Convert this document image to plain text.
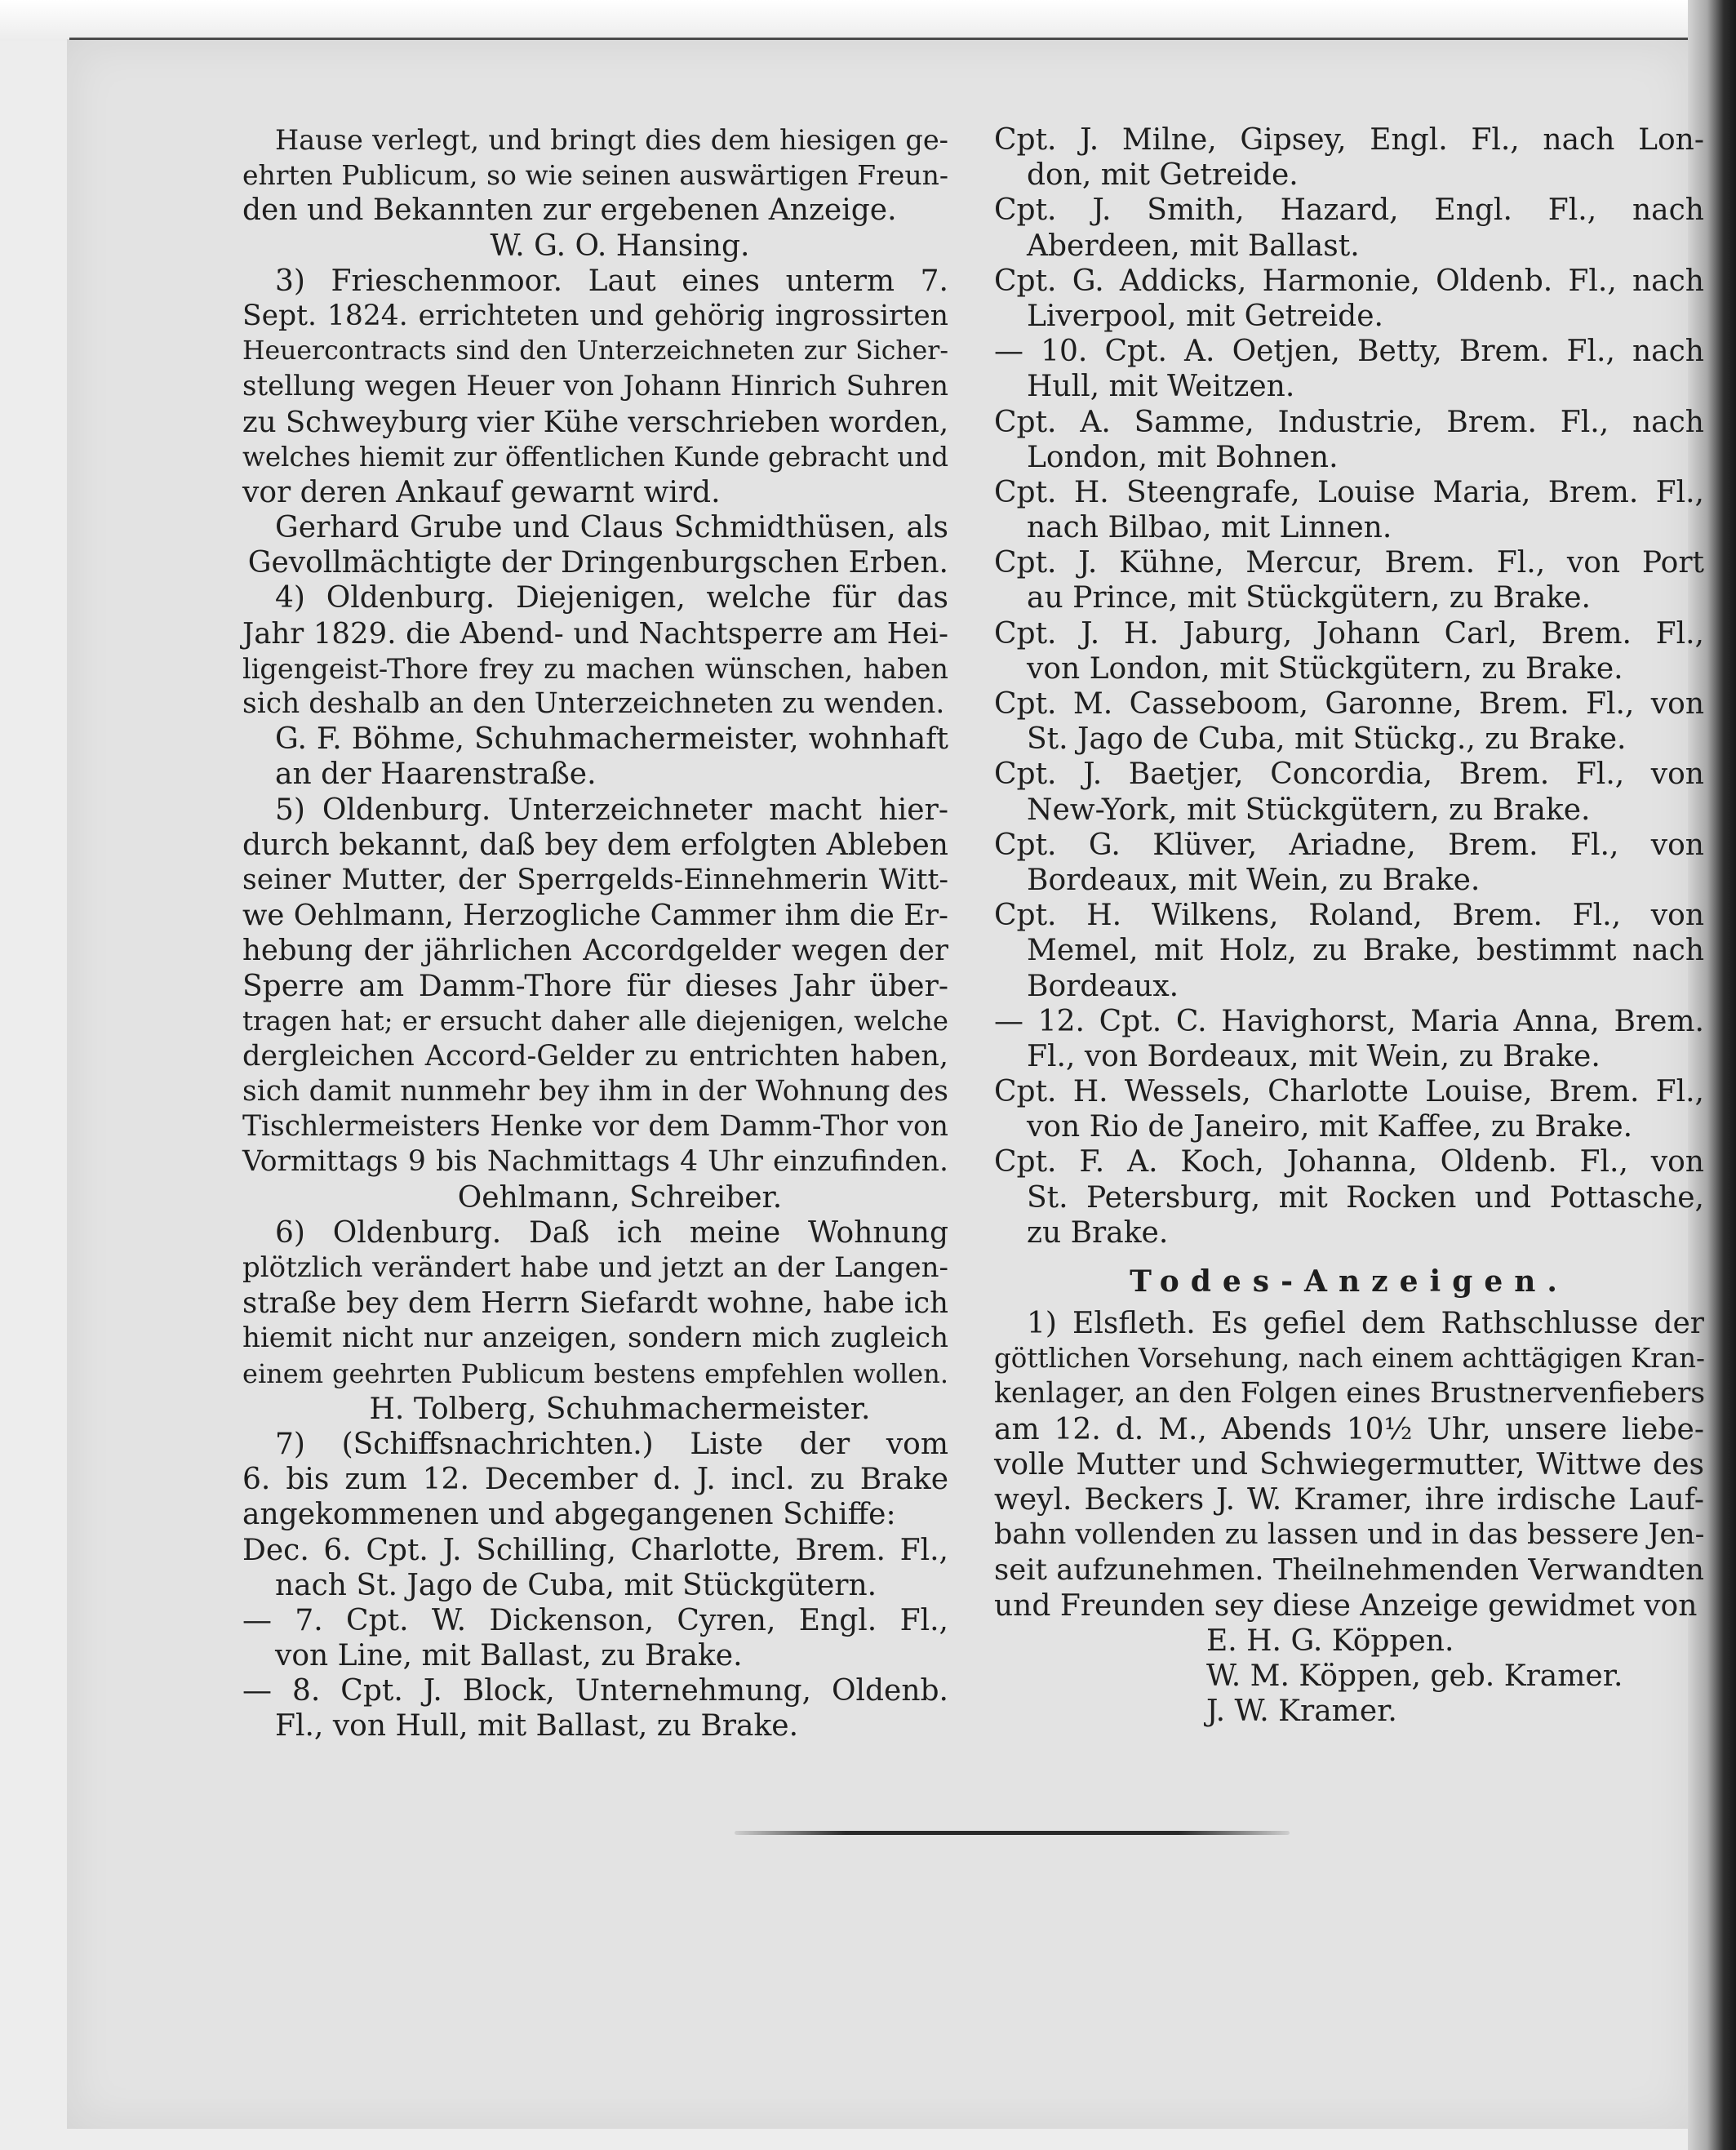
Hause verlegt, und bringt dies dem hiesigen ge-
ehrten Publicum, so wie seinen auswärtigen Freun-
den und Bekannten zur ergebenen Anzeige.
W. G. O. Hansing.
3) Frieschenmoor. Laut eines unterm 7.
Sept. 1824. errichteten und gehörig ingrossirten
Heuercontracts sind den Unterzeichneten zur Sicher-
stellung wegen Heuer von Johann Hinrich Suhren
zu Schweyburg vier Kühe verschrieben worden,
welches hiemit zur öffentlichen Kunde gebracht und
vor deren Ankauf gewarnt wird.
Gerhard Grube und Claus Schmidthüsen, als
Gevollmächtigte der Dringenburgschen Erben.
4) Oldenburg. Diejenigen, welche für das
Jahr 1829. die Abend- und Nachtsperre am Hei-
ligengeist-Thore frey zu machen wünschen, haben
sich deshalb an den Unterzeichneten zu wenden.
G. F. Böhme, Schuhmachermeister, wohnhaft
an der Haarenstraße.
5) Oldenburg. Unterzeichneter macht hier-
durch bekannt, daß bey dem erfolgten Ableben
seiner Mutter, der Sperrgelds-Einnehmerin Witt-
we Oehlmann, Herzogliche Cammer ihm die Er-
hebung der jährlichen Accordgelder wegen der
Sperre am Damm-Thore für dieses Jahr über-
tragen hat; er ersucht daher alle diejenigen, welche
dergleichen Accord-Gelder zu entrichten haben,
sich damit nunmehr bey ihm in der Wohnung des
Tischlermeisters Henke vor dem Damm-Thor von
Vormittags 9 bis Nachmittags 4 Uhr einzufinden.
Oehlmann, Schreiber.
6) Oldenburg. Daß ich meine Wohnung
plötzlich verändert habe und jetzt an der Langen-
straße bey dem Herrn Siefardt wohne, habe ich
hiemit nicht nur anzeigen, sondern mich zugleich
einem geehrten Publicum bestens empfehlen wollen.
H. Tolberg, Schuhmachermeister.
7) (Schiffsnachrichten.) Liste der vom
6. bis zum 12. December d. J. incl. zu Brake
angekommenen und abgegangenen Schiffe:
Dec. 6. Cpt. J. Schilling, Charlotte, Brem. Fl.,
nach St. Jago de Cuba, mit Stückgütern.
— 7. Cpt. W. Dickenson, Cyren, Engl. Fl.,
von Line, mit Ballast, zu Brake.
— 8. Cpt. J. Block, Unternehmung, Oldenb.
Fl., von Hull, mit Ballast, zu Brake.
Cpt. J. Milne, Gipsey, Engl. Fl., nach Lon-
don, mit Getreide.
Cpt. J. Smith, Hazard, Engl. Fl., nach
Aberdeen, mit Ballast.
Cpt. G. Addicks, Harmonie, Oldenb. Fl., nach
Liverpool, mit Getreide.
— 10. Cpt. A. Oetjen, Betty, Brem. Fl., nach
Hull, mit Weitzen.
Cpt. A. Samme, Industrie, Brem. Fl., nach
London, mit Bohnen.
Cpt. H. Steengrafe, Louise Maria, Brem. Fl.,
nach Bilbao, mit Linnen.
Cpt. J. Kühne, Mercur, Brem. Fl., von Port
au Prince, mit Stückgütern, zu Brake.
Cpt. J. H. Jaburg, Johann Carl, Brem. Fl.,
von London, mit Stückgütern, zu Brake.
Cpt. M. Casseboom, Garonne, Brem. Fl., von
St. Jago de Cuba, mit Stückg., zu Brake.
Cpt. J. Baetjer, Concordia, Brem. Fl., von
New-York, mit Stückgütern, zu Brake.
Cpt. G. Klüver, Ariadne, Brem. Fl., von
Bordeaux, mit Wein, zu Brake.
Cpt. H. Wilkens, Roland, Brem. Fl., von
Memel, mit Holz, zu Brake, bestimmt nach
Bordeaux.
— 12. Cpt. C. Havighorst, Maria Anna, Brem.
Fl., von Bordeaux, mit Wein, zu Brake.
Cpt. H. Wessels, Charlotte Louise, Brem. Fl.,
von Rio de Janeiro, mit Kaffee, zu Brake.
Cpt. F. A. Koch, Johanna, Oldenb. Fl., von
St. Petersburg, mit Rocken und Pottasche,
zu Brake.
Todes-Anzeigen.
1) Elsfleth. Es gefiel dem Rathschlusse der
göttlichen Vorsehung, nach einem achttägigen Kran-
kenlager, an den Folgen eines Brustnervenfiebers
am 12. d. M., Abends 10½ Uhr, unsere liebe-
volle Mutter und Schwiegermutter, Wittwe des
weyl. Beckers J. W. Kramer, ihre irdische Lauf-
bahn vollenden zu lassen und in das bessere Jen-
seit aufzunehmen. Theilnehmenden Verwandten
und Freunden sey diese Anzeige gewidmet von
E. H. G. Köppen.
W. M. Köppen, geb. Kramer.
J. W. Kramer.
